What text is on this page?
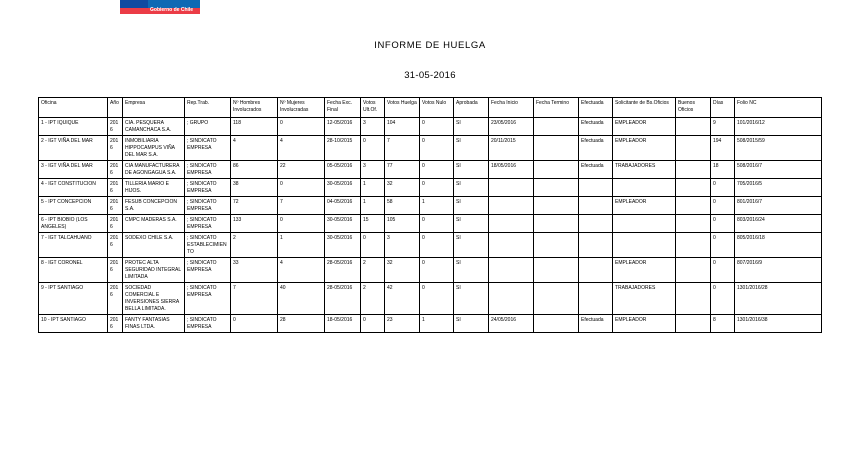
Gobierno de Chile
INFORME DE HUELGA
31-05-2016
Oficina	Año	Empresa	Rep.Trab.	Nº Hombres Involucrados	Nº Mujeres Involucradas	Fecha Exc. Final	Votos Ult.Of.	Votos Huelga	Votos Nulo	Aprobada	Fecha Inicio	Fecha Termino	Efectuada	Solicitante de Bs.Oficios	Buenos Oficios	Días	Folio NC
1 - IPT IQUIQUE	2016	CIA. PESQUERA CAMANCHACA S.A.	; GRUPO	118	0	12-05/2016	3	104	0	SI	23/05/2016		Efectuada	EMPLEADOR		9	101/2016/12
2 - IGT VIÑA DEL MAR	2016	INMOBILIARIA HIPPOCAMPUS VIÑA DEL MAR S.A.	; SINDICATO EMPRESA	4	4	28-10/2015	0	7	0	SI	20/11/2015		Efectuada	EMPLEADOR		194	508/2015/59
3 - IGT VIÑA DEL MAR	2016	CIA MANUFACTURERA DE AGONGAGUA S.A.	; SINDICATO EMPRESA	86	22	05-05/2016	3	77	0	SI	18/05/2016		Efectuada	TRABAJADORES		18	508/2016/7
4 - IGT CONSTITUCION	2016	TILLERIA MARIO E HIJOS.	; SINDICATO EMPRESA	38	0	30-05/2016	1	32	0	SI						0	705/2016/5
5 - IPT CONCEPCION	2016	FESUB CONCEPCION S.A.	; SINDICATO EMPRESA	72	7	04-05/2016	1	58	1	SI				EMPLEADOR		0	801/2016/7
6 - IPT BIOBIO (LOS ANGELES)	2016	CMPC MADERAS S.A.	; SINDICATO EMPRESA	133	0	30-05/2016	15	105	0	SI						0	803/2016/24
7 - IGT TALCAHUANO	2016	SODEXO CHILE S.A.	; SINDICATO ESTABLECIMIENTO	2	1	30-05/2016	0	3	0	SI						0	805/2016/18
8 - IGT CORONEL	2016	PROTEC ALTA SEGURIDAD INTEGRAL LIMITADA	; SINDICATO EMPRESA	33	4	28-05/2016	2	32	0	SI				EMPLEADOR		0	807/2016/9
9 - IPT SANTIAGO	2016	SOCIEDAD COMERCIAL E INVERSIONES SIERRA BELLA LIMITADA.	; SINDICATO EMPRESA	7	40	28-05/2016	2	42	0	SI				TRABAJADORES		0	1301/2016/28
10 - IPT SANTIAGO	2016	FANTY FANTASIAS FINAS LTDA.	; SINDICATO EMPRESA	0	28	18-05/2016	0	23	1	SI	24/05/2016		Efectuada	EMPLEADOR		8	1301/2016/38
